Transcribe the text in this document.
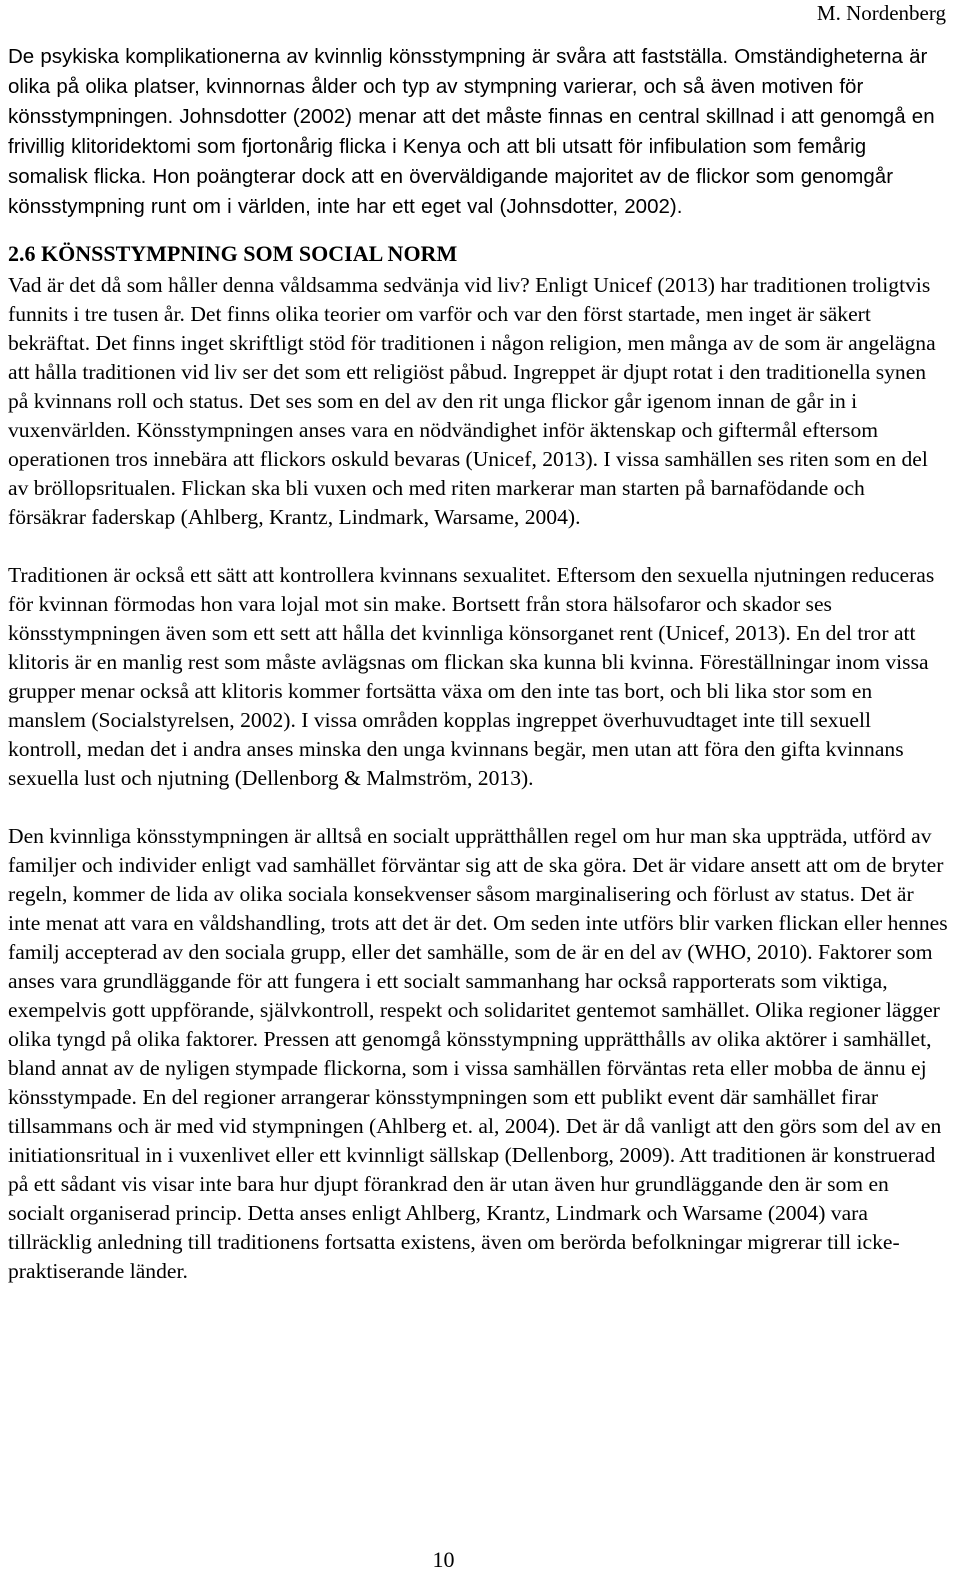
M. Nordenberg

De psykiska komplikationerna av kvinnlig könsstympning är svåra att fastställa. Omständigheterna är olika på olika platser, kvinnornas ålder och typ av stympning varierar, och så även motiven för könsstympningen. Johnsdotter (2002) menar att det måste finnas en central skillnad i att genomgå en frivillig klitoridektomi som fjortonårig flicka i Kenya och att bli utsatt för infibulation som femårig somalisk flicka. Hon poängterar dock att en överväldigande majoritet av de flickor som genomgår könsstympning runt om i världen, inte har ett eget val (Johnsdotter, 2002).

2.6 KÖNSSTYMPNING SOM SOCIAL NORM

Vad är det då som håller denna våldsamma sedvänja vid liv? Enligt Unicef (2013) har traditionen troligtvis funnits i tre tusen år. Det finns olika teorier om varför och var den först startade, men inget är säkert bekräftat. Det finns inget skriftligt stöd för traditionen i någon religion, men många av de som är angelägna att hålla traditionen vid liv ser det som ett religiöst påbud. Ingreppet är djupt rotat i den traditionella synen på kvinnans roll och status. Det ses som en del av den rit unga flickor går igenom innan de går in i vuxenvärlden. Könsstympningen anses vara en nödvändighet inför äktenskap och giftermål eftersom operationen tros innebära att flickors oskuld bevaras (Unicef, 2013). I vissa samhällen ses riten som en del av bröllopsritualen. Flickan ska bli vuxen och med riten markerar man starten på barnafödande och försäkrar faderskap (Ahlberg, Krantz, Lindmark, Warsame, 2004).

Traditionen är också ett sätt att kontrollera kvinnans sexualitet. Eftersom den sexuella njutningen reduceras för kvinnan förmodas hon vara lojal mot sin make. Bortsett från stora hälsofaror och skador ses könsstympningen även som ett sett att hålla det kvinnliga könsorganet rent (Unicef, 2013). En del tror att klitoris är en manlig rest som måste avlägsnas om flickan ska kunna bli kvinna. Föreställningar inom vissa grupper menar också att klitoris kommer fortsätta växa om den inte tas bort, och bli lika stor som en manslem (Socialstyrelsen, 2002). I vissa områden kopplas ingreppet överhuvudtaget inte till sexuell kontroll, medan det i andra anses minska den unga kvinnans begär, men utan att föra den gifta kvinnans sexuella lust och njutning (Dellenborg & Malmström, 2013).

Den kvinnliga könsstympningen är alltså en socialt upprätthållen regel om hur man ska uppträda, utförd av familjer och individer enligt vad samhället förväntar sig att de ska göra. Det är vidare ansett att om de bryter regeln, kommer de lida av olika sociala konsekvenser såsom marginalisering och förlust av status. Det är inte menat att vara en våldshandling, trots att det är det. Om seden inte utförs blir varken flickan eller hennes familj accepterad av den sociala grupp, eller det samhälle, som de är en del av (WHO, 2010). Faktorer som anses vara grundläggande för att fungera i ett socialt sammanhang har också rapporterats som viktiga, exempelvis gott uppförande, självkontroll, respekt och solidaritet gentemot samhället. Olika regioner lägger olika tyngd på olika faktorer. Pressen att genomgå könsstympning upprätthålls av olika aktörer i samhället, bland annat av de nyligen stympade flickorna, som i vissa samhällen förväntas reta eller mobba de ännu ej könsstympade. En del regioner arrangerar könsstympningen som ett publikt event där samhället firar tillsammans och är med vid stympningen (Ahlberg et. al, 2004). Det är då vanligt att den görs som del av en initiationsritual in i vuxenlivet eller ett kvinnligt sällskap (Dellenborg, 2009). Att traditionen är konstruerad på ett sådant vis visar inte bara hur djupt förankrad den är utan även hur grundläggande den är som en socialt organiserad princip. Detta anses enligt Ahlberg, Krantz, Lindmark och Warsame (2004) vara tillräcklig anledning till traditionens fortsatta existens, även om berörda befolkningar migrerar till icke-praktiserande länder.

10
